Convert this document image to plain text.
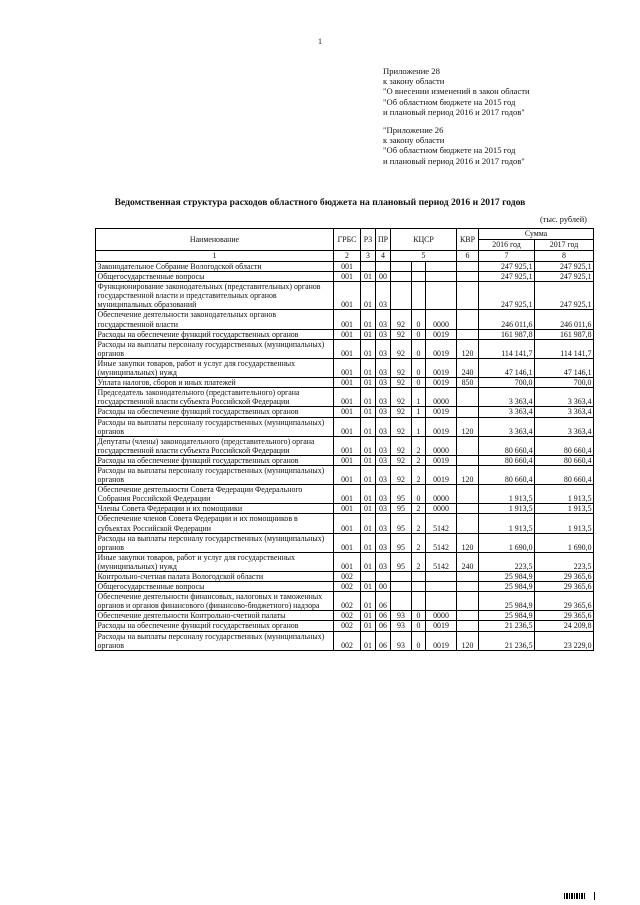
1
Приложение 28
к закону области
"О внесении изменений в закон области
"Об областном бюджете на 2015 год
и плановый период 2016 и 2017 годов"
"Приложение 26
к закону области
"Об областном бюджете на 2015 год
и плановый период 2016 и 2017 годов"
Ведомственная структура расходов областного бюджета на плановый период 2016 и 2017 годов
(тыс. рублей)
Наименование	ГРБС	РЗ	ПР	КЦСР			КВР	Сумма	
								2016 год	2017 год
1	2	3	4	5			6	7	8
Законодательное Собрание Вологодской области	001							247 925,1	247 925,1
Общегосударственные вопросы	001	01	00					247 925,1	247 925,1
Функционирование законодательных (представительных) органов государственной власти и представительных органов муниципальных образований	001	01	03					247 925,1	247 925,1
Обеспечение деятельности законодательных органов государственной власти	001	01	03	92	0	0000		246 011,6	246 011,6
Расходы на обеспечение функций государственных органов	001	01	03	92	0	0019		161 987,8	161 987,8
Расходы на выплаты персоналу государственных (муниципальных) органов	001	01	03	92	0	0019	120	114 141,7	114 141,7
Иные закупки товаров, работ и услуг для государственных (муниципальных) нужд	001	01	03	92	0	0019	240	47 146,1	47 146,1
Уплата налогов, сборов и иных платежей	001	01	03	92	0	0019	850	700,0	700,0
Председатель законодательного (представительного) органа государственной власти субъекта Российской Федерации	001	01	03	92	1	0000		3 363,4	3 363,4
Расходы на обеспечение функций государственных органов	001	01	03	92	1	0019		3 363,4	3 363,4
Расходы на выплаты персоналу государственных (муниципальных) органов	001	01	03	92	1	0019	120	3 363,4	3 363,4
Депутаты (члены) законодательного (представительного) органа государственной власти субъекта Российской Федерации	001	01	03	92	2	0000		80 660,4	80 660,4
Расходы на обеспечение функций государственных органов	001	01	03	92	2	0019		80 660,4	80 660,4
Расходы на выплаты персоналу государственных (муниципальных) органов	001	01	03	92	2	0019	120	80 660,4	80 660,4
Обеспечение деятельности Совета Федерации Федерального Собрания Российской Федерации	001	01	03	95	0	0000		1 913,5	1 913,5
Члены Совета Федерации и их помощники	001	01	03	95	2	0000		1 913,5	1 913,5
Обеспечение членов Совета Федерации и их помощников в субъектах Российской Федерации	001	01	03	95	2	5142		1 913,5	1 913,5
Расходы на выплаты персоналу государственных (муниципальных) органов	001	01	03	95	2	5142	120	1 690,0	1 690,0
Иные закупки товаров, работ и услуг для государственных (муниципальных) нужд	001	01	03	95	2	5142	240	223,5	223,5
Контрольно-счетная палата Вологодской области	002							25 984,9	29 365,6
Общегосударственные вопросы	002	01	00					25 984,9	29 365,6
Обеспечение деятельности финансовых, налоговых и таможенных органов и органов финансового (финансово-бюджетного) надзора	002	01	06					25 984,9	29 365,6
Обеспечение деятельности Контрольно-счетной палаты	002	01	06	93	0	0000		25 984,9	29 365,6
Расходы на обеспечение функций государственных органов	002	01	06	93	0	0019		21 236,5	24 209,8
Расходы на выплаты персоналу государственных (муниципальных) органов	002	01	06	93	0	0019	120	21 236,5	23 229,0
